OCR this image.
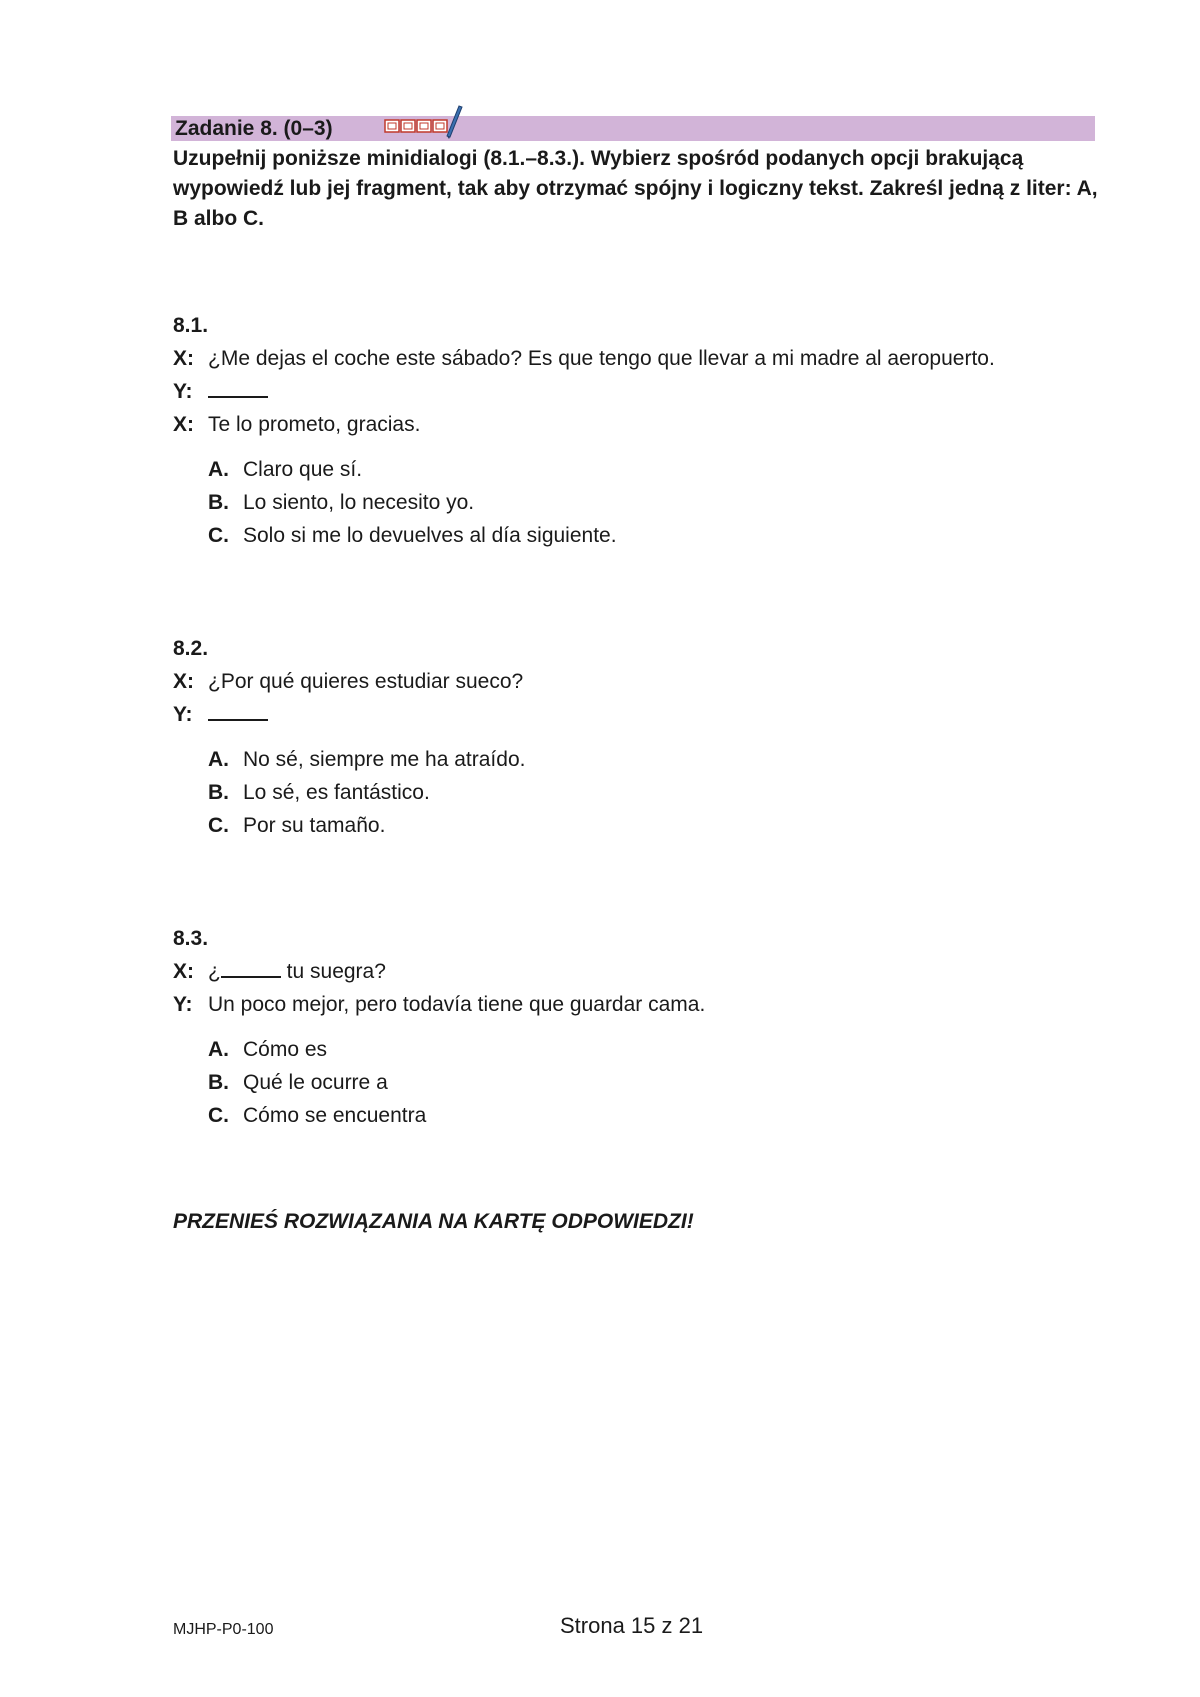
Zadanie 8. (0–3)

Uzupełnij poniższe minidialogi (8.1.–8.3.). Wybierz spośród podanych opcji brakującą wypowiedź lub jej fragment, tak aby otrzymać spójny i logiczny tekst. Zakreśl jedną z liter: A, B albo C.

8.1.
X: ¿Me dejas el coche este sábado? Es que tengo que llevar a mi madre al aeropuerto.
Y:
X: Te lo prometo, gracias.
A. Claro que sí.
B. Lo siento, lo necesito yo.
C. Solo si me lo devuelves al día siguiente.
8.2.
X: ¿Por qué quieres estudiar sueco?
Y:
A. No sé, siempre me ha atraído.
B. Lo sé, es fantástico.
C. Por su tamaño.
8.3.
X: ¿	tu suegra?
Y: Un poco mejor, pero todavía tiene que guardar cama.
A. Cómo es
B. Qué le ocurre a
C. Cómo se encuentra
PRZENIEŚ ROZWIĄZANIA NA KARTĘ ODPOWIEDZI!
MJHP-P0-100	Strona 15 z 21
